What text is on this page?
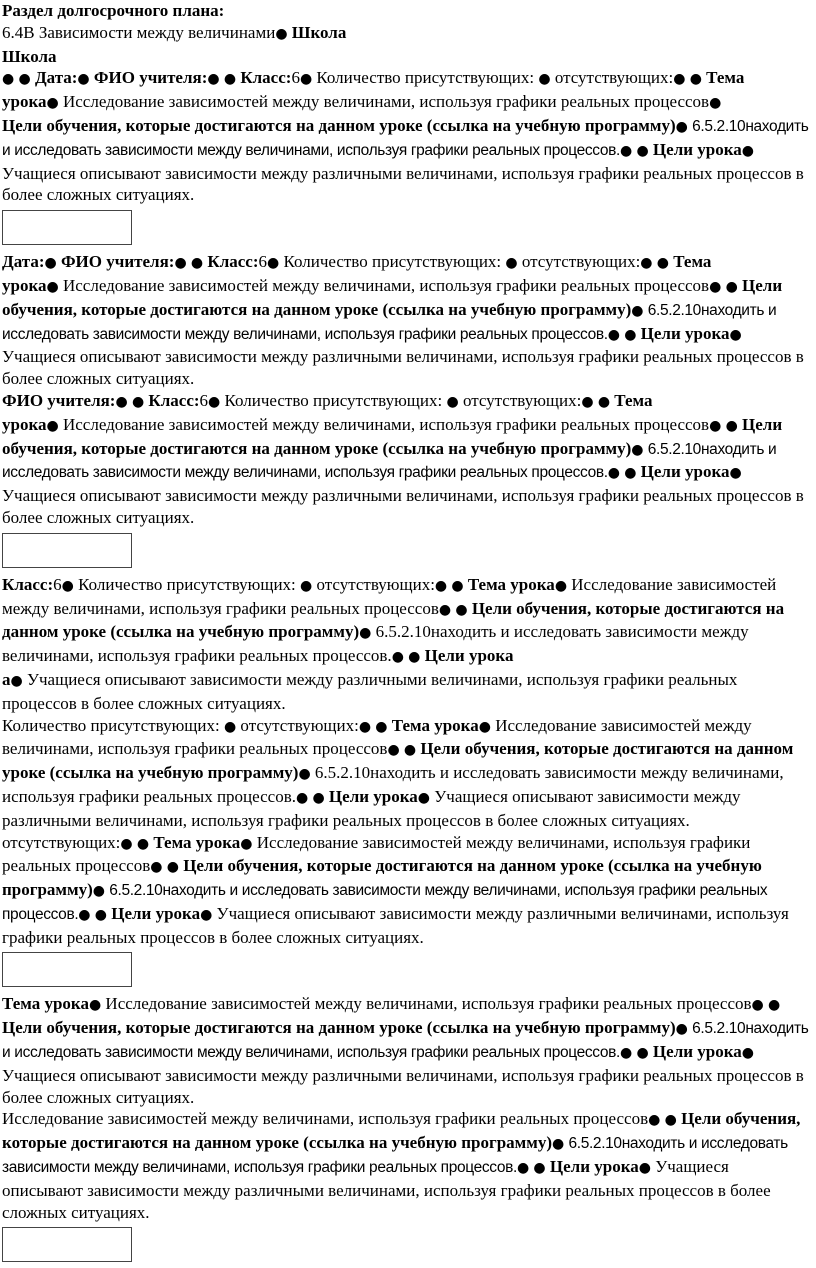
Раздел долгосрочного плана:
6.4В Зависимости между величинами● Школа
Школа
● ● Дата:● ФИО учителя:● ● Класс:6● Количество присутствующих: ● отсутствующих:● ● Тема
урока● Исследование зависимостей между величинами, используя графики реальных процессов●
Цели обучения, которые достигаются на данном уроке (ссылка на учебную программу)● 6.5.2.10находить и исследовать зависимости между величинами, используя графики реальных процессов.● ● Цели урока● Учащиеся описывают зависимости между различными величинами, используя графики реальных процессов в более сложных ситуациях.
Дата:● ФИО учителя:● ● Класс:6● Количество присутствующих: ● отсутствующих:● ● Тема
урока● Исследование зависимостей между величинами, используя графики реальных процессов● ● Цели обучения, которые достигаются на данном уроке (ссылка на учебную программу)● 6.5.2.10находить и исследовать зависимости между величинами, используя графики реальных процессов.● ● Цели урока● Учащиеся описывают зависимости между различными величинами, используя графики реальных процессов в более сложных ситуациях.
ФИО учителя:● ● Класс:6● Количество присутствующих: ● отсутствующих:● ● Тема
урока● Исследование зависимостей между величинами, используя графики реальных процессов● ● Цели обучения, которые достигаются на данном уроке (ссылка на учебную программу)● 6.5.2.10находить и исследовать зависимости между величинами, используя графики реальных процессов.● ● Цели урока● Учащиеся описывают зависимости между различными величинами, используя графики реальных процессов в более сложных ситуациях.
Класс:6● Количество присутствующих: ● отсутствующих:● ● Тема урока● Исследование зависимостей между величинами, используя графики реальных процессов● ● Цели обучения, которые достигаются на данном уроке (ссылка на учебную программу)● 6.5.2.10находить и исследовать зависимости между величинами, используя графики реальных процессов.● ● Цели урока
а● Учащиеся описывают зависимости между различными величинами, используя графики реальных процессов в более сложных ситуациях.
Количество присутствующих: ● отсутствующих:● ● Тема урока● Исследование зависимостей между величинами, используя графики реальных процессов● ● Цели обучения, которые достигаются на данном уроке (ссылка на учебную программу)● 6.5.2.10находить и исследовать зависимости между величинами, используя графики реальных процессов.● ● Цели урока● Учащиеся описывают зависимости между различными величинами, используя графики реальных процессов в более сложных ситуациях.
отсутствующих:● ● Тема урока● Исследование зависимостей между величинами, используя графики реальных процессов● ● Цели обучения, которые достигаются на данном уроке (ссылка на учебную программу)● 6.5.2.10находить и исследовать зависимости между величинами, используя графики реальных процессов.● ● Цели урока● Учащиеся описывают зависимости между различными величинами, используя графики реальных процессов в более сложных ситуациях.
Тема урока● Исследование зависимостей между величинами, используя графики реальных процессов● ● Цели обучения, которые достигаются на данном уроке (ссылка на учебную программу)● 6.5.2.10находить и исследовать зависимости между величинами, используя графики реальных процессов.● ● Цели урока● Учащиеся описывают зависимости между различными величинами, используя графики реальных процессов в более сложных ситуациях.
Исследование зависимостей между величинами, используя графики реальных процессов● ● Цели обучения, которые достигаются на данном уроке (ссылка на учебную программу)● 6.5.2.10находить и исследовать зависимости между величинами, используя графики реальных процессов.● ● Цели урока● Учащиеся описывают зависимости между различными величинами, используя графики реальных процессов в более сложных ситуациях.
